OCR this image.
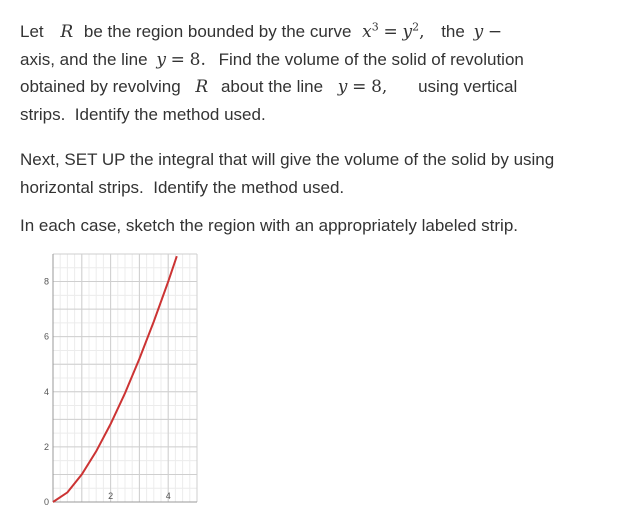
Let R be the region bounded by the curve $x^3 = y^2$, the y −
axis, and the line y = 8. Find the volume of the solid of revolution
obtained by revolving R about the line y = 8, using vertical
strips.  Identify the method used.
Next, SET UP the integral that will give the volume of the solid by using
horizontal strips.  Identify the method used.
In each case, sketch the region with an appropriately labeled strip.
0
2
4
6
8
2	4
